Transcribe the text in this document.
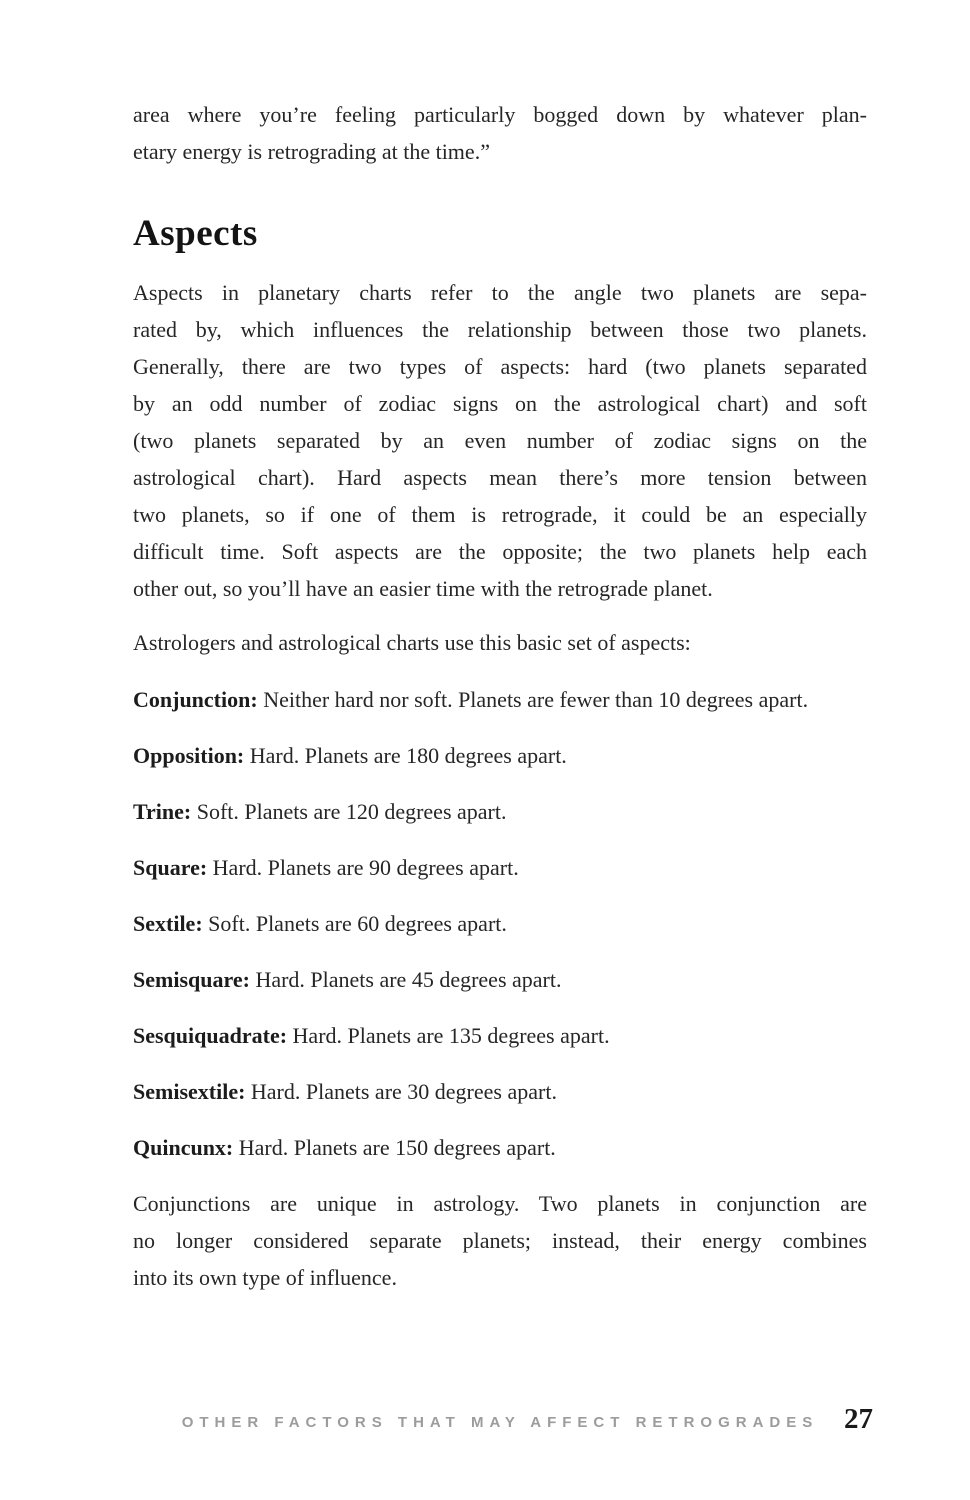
area where you’re feeling particularly bogged down by whatever plan-
etary energy is retrograding at the time.”
Aspects
Aspects in planetary charts refer to the angle two planets are sepa-
rated by, which influences the relationship between those two planets.
Generally, there are two types of aspects: hard (two planets separated
by an odd number of zodiac signs on the astrological chart) and soft
(two planets separated by an even number of zodiac signs on the
astrological chart). Hard aspects mean there’s more tension between
two planets, so if one of them is retrograde, it could be an especially
difficult time. Soft aspects are the opposite; the two planets help each
other out, so you’ll have an easier time with the retrograde planet.

Astrologers and astrological charts use this basic set of aspects:

Conjunction: Neither hard nor soft. Planets are fewer than 10 degrees apart.

Opposition: Hard. Planets are 180 degrees apart.

Trine: Soft. Planets are 120 degrees apart.

Square: Hard. Planets are 90 degrees apart.

Sextile: Soft. Planets are 60 degrees apart.

Semisquare: Hard. Planets are 45 degrees apart.

Sesquiquadrate: Hard. Planets are 135 degrees apart.

Semisextile: Hard. Planets are 30 degrees apart.

Quincunx: Hard. Planets are 150 degrees apart.

Conjunctions are unique in astrology. Two planets in conjunction are
no longer considered separate planets; instead, their energy combines
into its own type of influence.
OTHER FACTORS THAT MAY AFFECT RETROGRADES 27
